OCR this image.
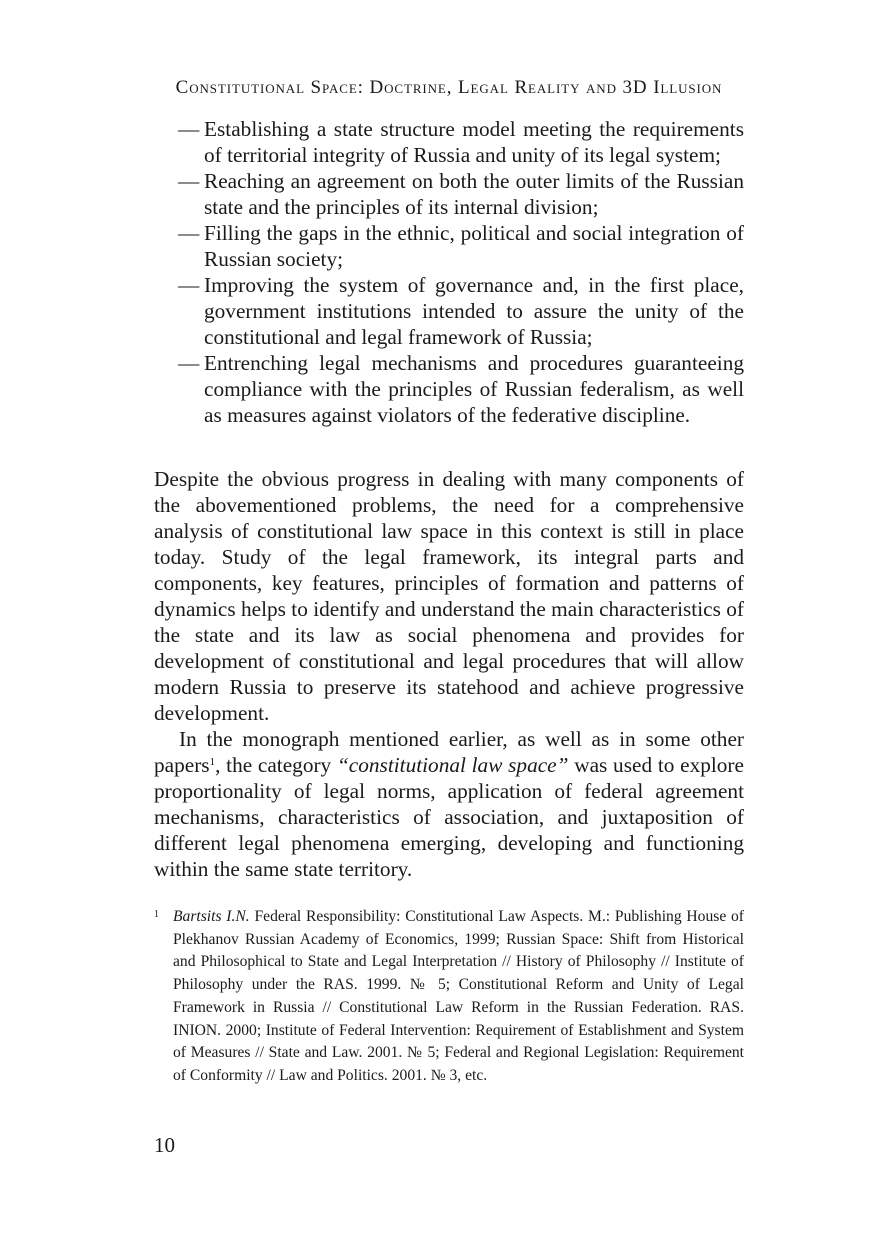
Constitutional Space: Doctrine, Legal Reality and 3D Illusion
— Establishing a state structure model meeting the requirements of territorial integrity of Russia and unity of its legal system;
— Reaching an agreement on both the outer limits of the Russian state and the principles of its internal division;
— Filling the gaps in the ethnic, political and social integration of Russian society;
— Improving the system of governance and, in the first place, government institutions intended to assure the unity of the constitutional and legal framework of Russia;
— Entrenching legal mechanisms and procedures guaranteeing compliance with the principles of Russian federalism, as well as measures against violators of the federative discipline.

Despite the obvious progress in dealing with many components of the abovementioned problems, the need for a comprehensive analysis of constitutional law space in this context is still in place today. Study of the legal framework, its integral parts and components, key features, principles of formation and patterns of dynamics helps to identify and understand the main characteristics of the state and its law as social phenomena and provides for development of constitutional and legal procedures that will allow modern Russia to preserve its statehood and achieve progressive development.

In the monograph mentioned earlier, as well as in some other papers$^1$, the category “constitutional law space” was used to explore proportionality of legal norms, application of federal agreement mechanisms, characteristics of association, and juxtaposition of different legal phenomena emerging, developing and functioning within the same state territory.

1 Bartsits I.N. Federal Responsibility: Constitutional Law Aspects. M.: Publishing House of Plekhanov Russian Academy of Economics, 1999; Russian Space: Shift from Historical and Philosophical to State and Legal Interpretation // History of Philosophy // Institute of Philosophy under the RAS. 1999. № 5; Constitutional Reform and Unity of Legal Framework in Russia // Constitutional Law Reform in the Russian Federation. RAS. INION. 2000; Institute of Federal Intervention: Requirement of Establishment and System of Measures // State and Law. 2001. № 5; Federal and Regional Legislation: Requirement of Conformity // Law and Politics. 2001. № 3, etc.
10
